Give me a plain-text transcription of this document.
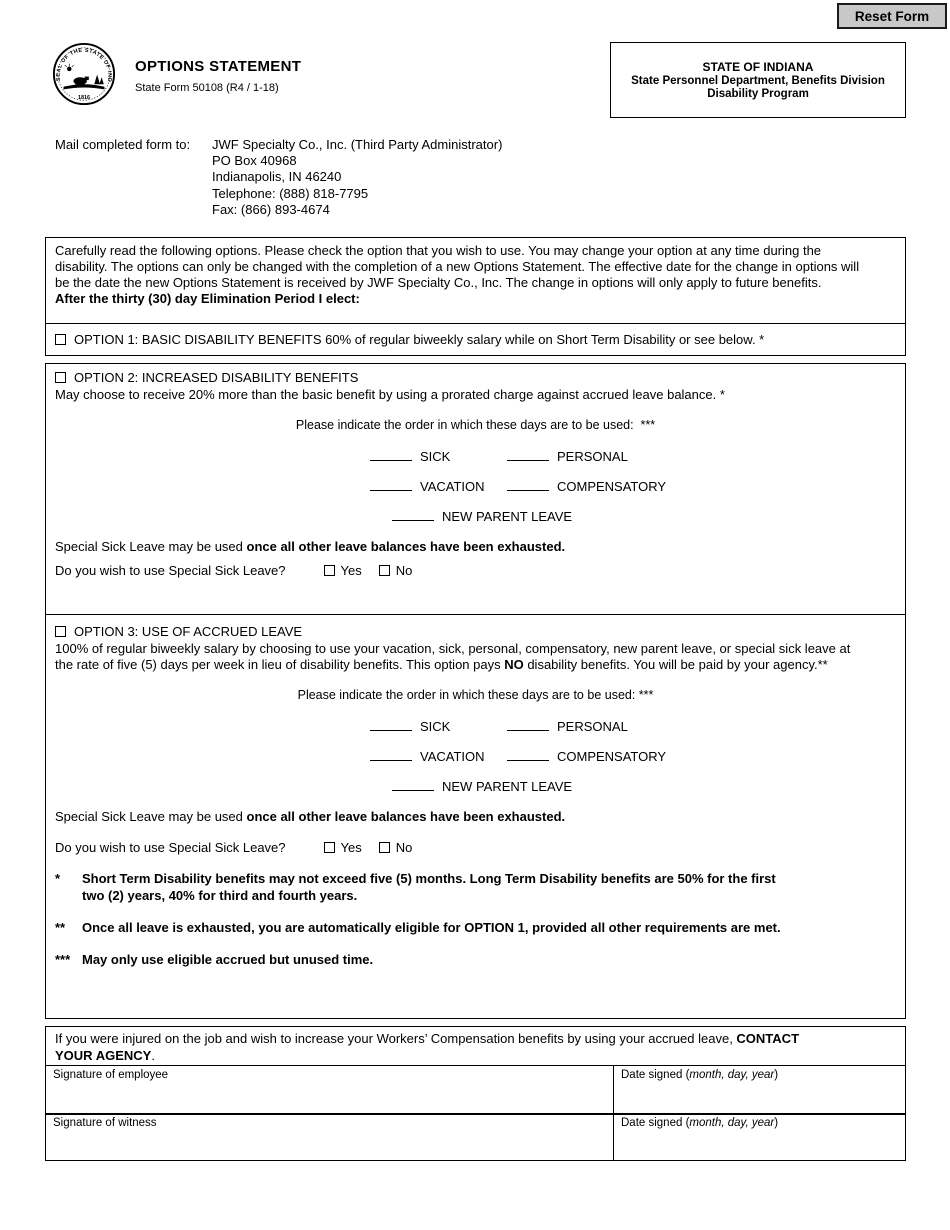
Reset Form
SEAL OF THE STATE OF IND
1816
OPTIONS STATEMENT
State Form 50108 (R4 / 1-18)
STATE OF INDIANA
State Personnel Department, Benefits Division
Disability Program
Mail completed form to:	JWF Specialty Co., Inc. (Third Party Administrator)
PO Box 40968
Indianapolis, IN 46240
Telephone: (888) 818-7795
Fax: (866) 893-4674

Carefully read the following options. Please check the option that you wish to use. You may change your option at any time during the disability. The options can only be changed with the completion of a new Options Statement. The effective date for the change in options will be the date the new Options Statement is received by JWF Specialty Co., Inc. The change in options will only apply to future benefits.

After the thirty (30) day Elimination Period I elect:

OPTION 1: BASIC DISABILITY BENEFITS 60% of regular biweekly salary while on Short Term Disability or see below. *
OPTION 2: INCREASED DISABILITY BENEFITS
May choose to receive 20% more than the basic benefit by using a prorated charge against accrued leave balance. *
Please indicate the order in which these days are to be used:  ***
SICK	PERSONAL
VACATION	COMPENSATORY
NEW PARENT LEAVE
Special Sick Leave may be used once all other leave balances have been exhausted.
Do you wish to use Special Sick Leave?	Yes	No
OPTION 3: USE OF ACCRUED LEAVE
100% of regular biweekly salary by choosing to use your vacation, sick, personal, compensatory, new parent leave, or special sick leave at the rate of five (5) days per week in lieu of disability benefits. This option pays NO disability benefits. You will be paid by your agency.**
Please indicate the order in which these days are to be used: ***
SICK	PERSONAL
VACATION	COMPENSATORY
NEW PARENT LEAVE
Special Sick Leave may be used once all other leave balances have been exhausted.
Do you wish to use Special Sick Leave?	Yes	No
*	Short Term Disability benefits may not exceed five (5) months. Long Term Disability benefits are 50% for the first two (2) years, 40% for third and fourth years.
**	Once all leave is exhausted, you are automatically eligible for OPTION 1, provided all other requirements are met.
*** May only use eligible accrued but unused time.
If you were injured on the job and wish to increase your Workers’ Compensation benefits by using your accrued leave, CONTACT
YOUR AGENCY.
Signature of employee	Date signed (month, day, year)
Signature of witness	Date signed (month, day, year)
